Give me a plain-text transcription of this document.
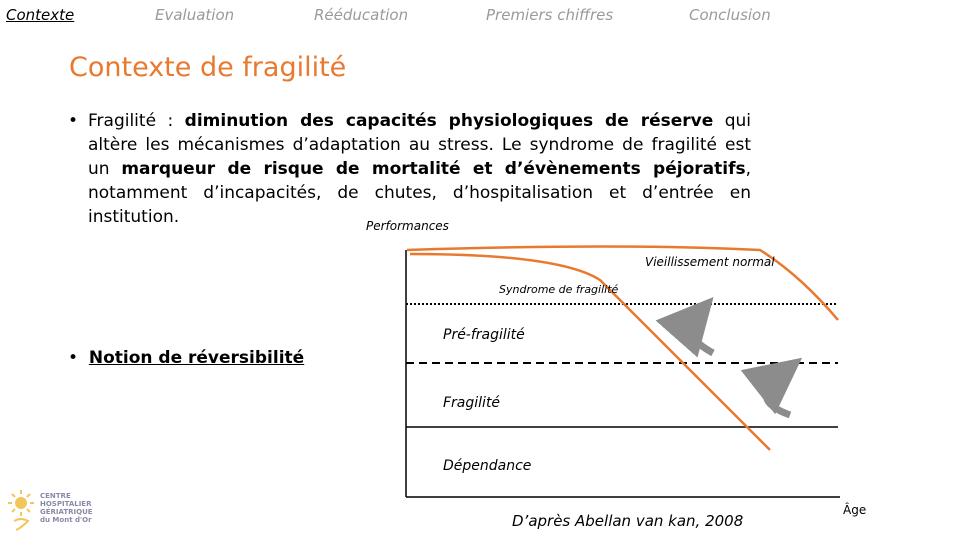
Contexte	Evaluation	Rééducation	Premiers chiffres	Conclusion
Contexte de fragilité
• Fragilité : diminution des capacités physiologiques de réserve qui altère les mécanismes d’adaptation au stress. Le syndrome de fragilité est un marqueur de risque de mortalité et d’évènements péjoratifs, notamment d’incapacités, de chutes, d’hospitalisation et d’entrée en institution.
• Notion de réversibilité
Performances
Vieillissement normal
Syndrome de fragilité
Pré-fragilité
Fragilité
Dépendance
D’après Abellan van kan, 2008
Âge
CENTRE
HOSPITALIER
GÉRIATRIQUE
du Mont d'Or
